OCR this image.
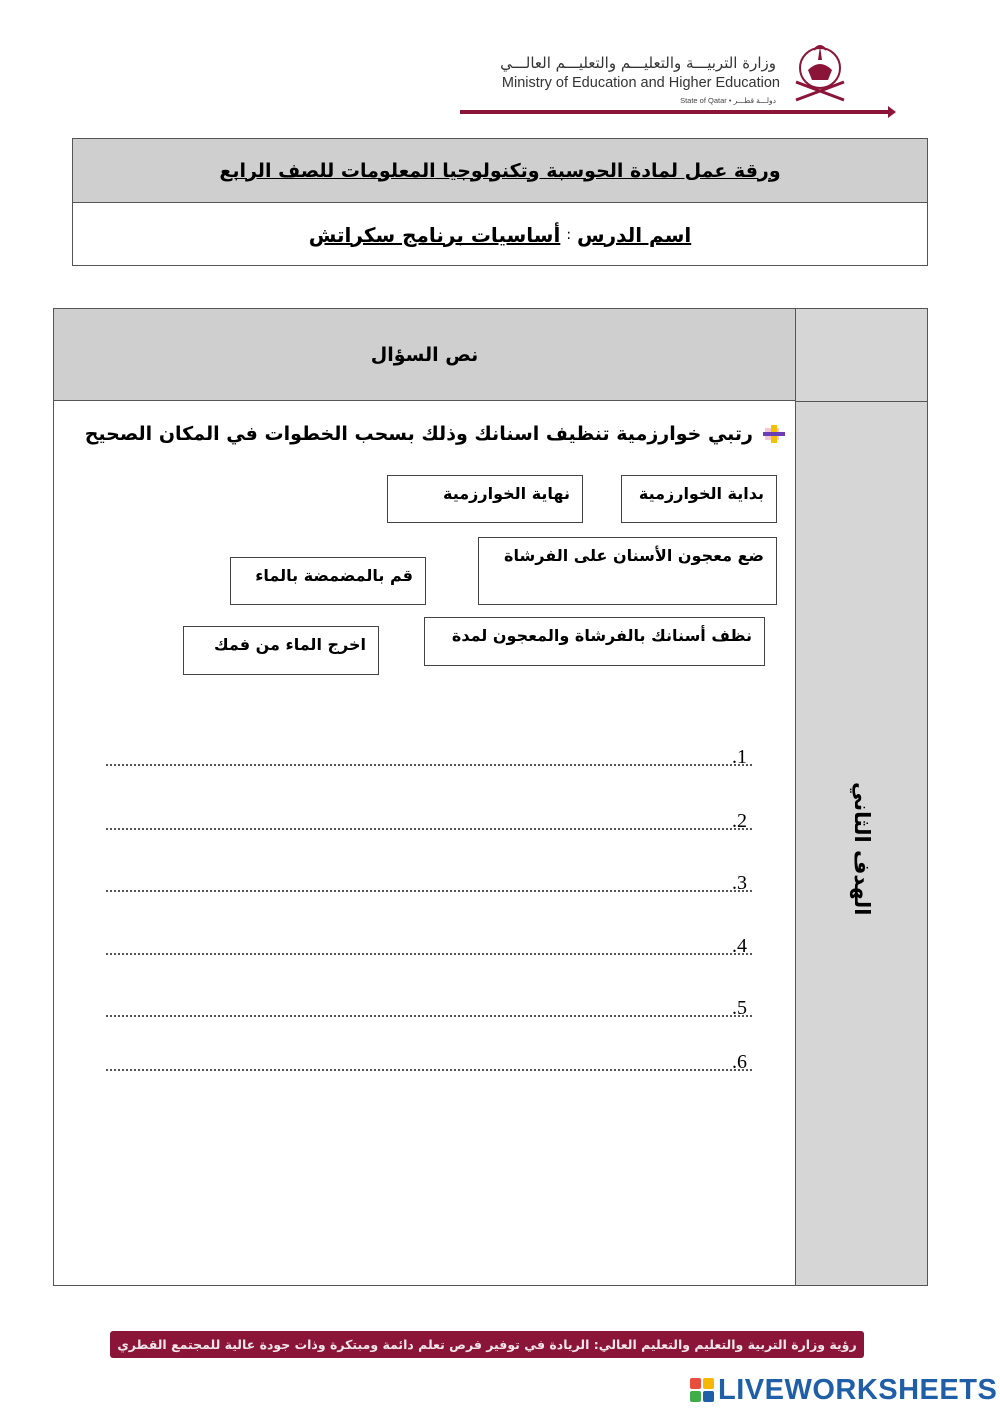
وزارة التربيـــة والتعليـــم والتعليـــم العالـــي
Ministry of Education and Higher Education
State of Qatar • دولـــة قطـــر
ورقة عمل لمادة الحوسبة وتكنولوجيا المعلومات للصف الرابع
اسم الدرس
:
أساسيات برنامج سكراتش
نص السؤال
الهدف الثاني
رتبي خوارزمية تنظيف اسنانك وذلك بسحب الخطوات في المكان الصحيح
بداية الخوارزمية
نهاية الخوارزمية
ضع معجون الأسنان على الفرشاة
قم بالمضمضة بالماء
نظف أسنانك بالفرشاة والمعجون لمدة
اخرج الماء من فمك
.1
.2
.3
.4
.5
.6
رؤية وزارة التربية والتعليم والتعليم العالي: الريادة في توفير فرص تعلم دائمة ومبتكرة وذات جودة عالية للمجتمع القطري
LIVEWORKSHEETS
